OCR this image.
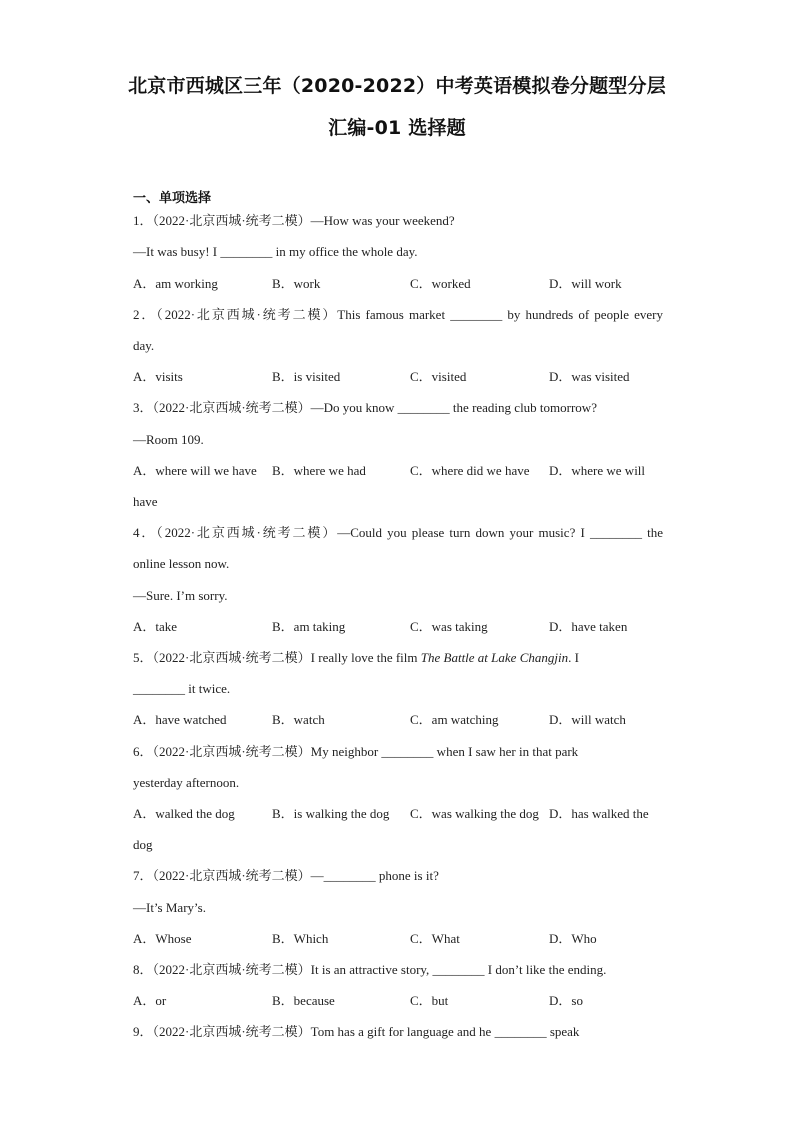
北京市西城区三年（2020-2022）中考英语模拟卷分题型分层
汇编-01 选择题
一、单项选择
1．（2022·北京西城·统考二模）—How was your weekend?
—It was busy! I ________ in my office the whole day.
A．am working	B．work	C．worked	D．will work
2．（2022·北京西城·统考二模）This famous market ________ by hundreds of people every
day.
A．visits	B．is visited	C．visited	D．was visited
3．（2022·北京西城·统考二模）—Do you know ________ the reading club tomorrow?
—Room 109.
A．where will we have B．where we had	C．where did we have D．where we will
have
4．（2022·北京西城·统考二模）—Could you please turn down your music? I ________ the
online lesson now.
—Sure. I’m sorry.
A．take	B．am taking	C．was taking	D．have taken
5．（2022·北京西城·统考二模）I really love the film The Battle at Lake Changjin. I
________ it twice.
A．have watched	B．watch	C．am watching	D．will watch
6．（2022·北京西城·统考二模）My neighbor ________ when I saw her in that park
yesterday afternoon.
A．walked the dog	B．is walking the dog C．was walking the dog D．has walked the
dog
7．（2022·北京西城·统考二模）—________ phone is it?
—It’s Mary’s.
A．Whose	B．Which	C．What	D．Who
8．（2022·北京西城·统考二模）It is an attractive story, ________ I don’t like the ending.
A．or	B．because	C．but	D．so
9．（2022·北京西城·统考二模）Tom has a gift for language and he ________ speak
